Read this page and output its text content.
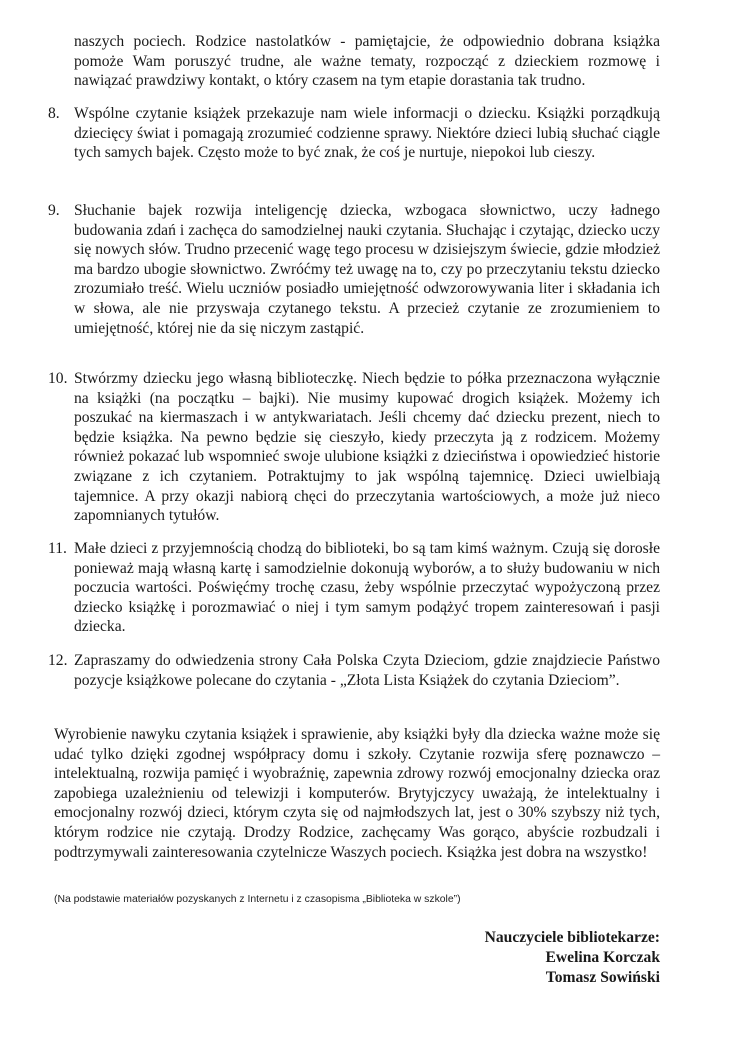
naszych pociech. Rodzice nastolatków - pamiętajcie, że odpowiednio dobrana książka pomoże Wam poruszyć trudne, ale ważne tematy, rozpocząć z dzieckiem rozmowę i nawiązać prawdziwy kontakt, o który czasem na tym etapie dorastania tak trudno.
8. Wspólne czytanie książek przekazuje nam wiele informacji o dziecku. Książki porządkują dziecięcy świat i pomagają zrozumieć codzienne sprawy. Niektóre dzieci lubią słuchać ciągle tych samych bajek. Często może to być znak, że coś je nurtuje, niepokoi lub cieszy.
9. Słuchanie bajek rozwija inteligencję dziecka, wzbogaca słownictwo, uczy ładnego budowania zdań i zachęca do samodzielnej nauki czytania. Słuchając i czytając, dziecko uczy się nowych słów. Trudno przecenić wagę tego procesu w dzisiejszym świecie, gdzie młodzież ma bardzo ubogie słownictwo. Zwróćmy też uwagę na to, czy po przeczytaniu tekstu dziecko zrozumiało treść. Wielu uczniów posiadło umiejętność odwzorowywania liter i składania ich w słowa, ale nie przyswaja czytanego tekstu. A przecież czytanie ze zrozumieniem to umiejętność, której nie da się niczym zastąpić.
10. Stwórzmy dziecku jego własną biblioteczkę. Niech będzie to półka przeznaczona wyłącznie na książki (na początku – bajki). Nie musimy kupować drogich książek. Możemy ich poszukać na kiermaszach i w antykwariatach. Jeśli chcemy dać dziecku prezent, niech to będzie książka. Na pewno będzie się cieszyło, kiedy przeczyta ją z rodzicem. Możemy również pokazać lub wspomnieć swoje ulubione książki z dzieciństwa i opowiedzieć historie związane z ich czytaniem. Potraktujmy to jak wspólną tajemnicę. Dzieci uwielbiają tajemnice. A przy okazji nabiorą chęci do przeczytania wartościowych, a może już nieco zapomnianych tytułów.
11. Małe dzieci z przyjemnością chodzą do biblioteki, bo są tam kimś ważnym. Czują się dorosłe ponieważ mają własną kartę i samodzielnie dokonują wyborów, a to służy budowaniu w nich poczucia wartości. Poświęćmy trochę czasu, żeby wspólnie przeczytać wypożyczoną przez dziecko książkę i porozmawiać o niej i tym samym podążyć tropem zainteresowań i pasji dziecka.
12. Zapraszamy do odwiedzenia strony Cała Polska Czyta Dzieciom, gdzie znajdziecie Państwo pozycje książkowe polecane do czytania - „Złota Lista Książek do czytania Dzieciom”.
Wyrobienie nawyku czytania książek i sprawienie, aby książki były dla dziecka ważne może się udać tylko dzięki zgodnej współpracy domu i szkoły. Czytanie rozwija sferę poznawczo – intelektualną, rozwija pamięć i wyobraźnię, zapewnia zdrowy rozwój emocjonalny dziecka oraz zapobiega uzależnieniu od telewizji i komputerów. Brytyjczycy uważają, że intelektualny i emocjonalny rozwój dzieci, którym czyta się od najmłodszych lat, jest o 30% szybszy niż tych, którym rodzice nie czytają. Drodzy Rodzice, zachęcamy Was gorąco, abyście rozbudzali i podtrzymywali zainteresowania czytelnicze Waszych pociech. Książka jest dobra na wszystko!
(Na podstawie materiałów pozyskanych z Internetu i z czasopisma „Biblioteka w szkole”)
Nauczyciele bibliotekarze:
Ewelina Korczak
Tomasz Sowiński
